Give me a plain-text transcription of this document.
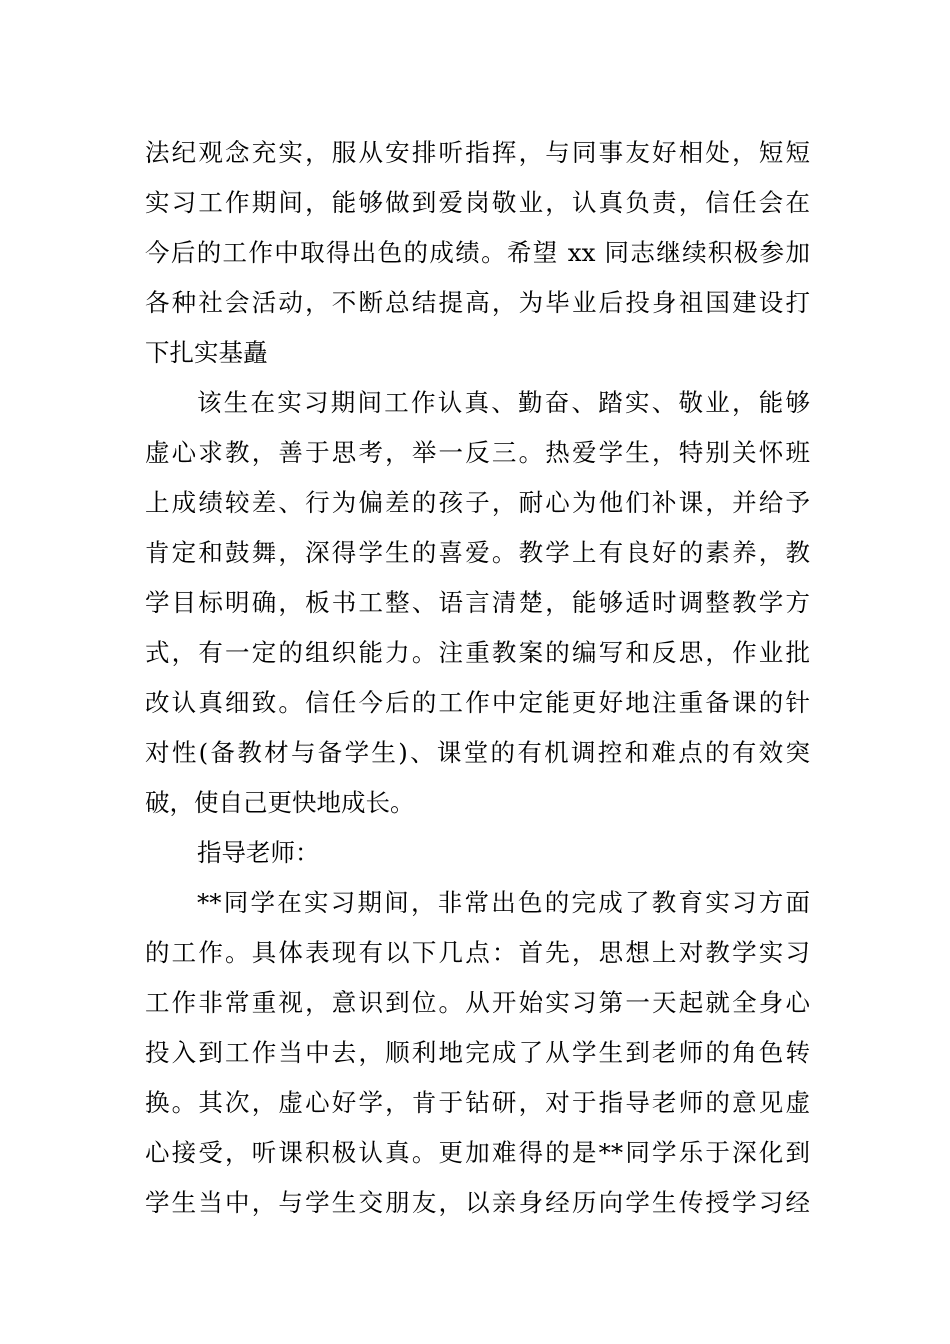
法纪观念充实，服从安排听指挥，与同事友好相处，短短
实习工作期间，能够做到爱岗敬业，认真负责，信任会在
今后的工作中取得出色的成绩。希望 xx 同志继续积极参加
各种社会活动，不断总结提高，为毕业后投身祖国建设打
下扎实基矗
该生在实习期间工作认真、勤奋、踏实、敬业，能够
虚心求教，善于思考，举一反三。热爱学生，特别关怀班
上成绩较差、行为偏差的孩子，耐心为他们补课，并给予
肯定和鼓舞，深得学生的喜爱。教学上有良好的素养，教
学目标明确，板书工整、语言清楚，能够适时调整教学方
式，有一定的组织能力。注重教案的编写和反思，作业批
改认真细致。信任今后的工作中定能更好地注重备课的针
对性(备教材与备学生)、课堂的有机调控和难点的有效突
破，使自己更快地成长。
指导老师：
**同学在实习期间，非常出色的完成了教育实习方面
的工作。具体表现有以下几点：首先，思想上对教学实习
工作非常重视，意识到位。从开始实习第一天起就全身心
投入到工作当中去，顺利地完成了从学生到老师的角色转
换。其次，虚心好学，肯于钻研，对于指导老师的意见虚
心接受，听课积极认真。更加难得的是**同学乐于深化到
学生当中，与学生交朋友，以亲身经历向学生传授学习经
